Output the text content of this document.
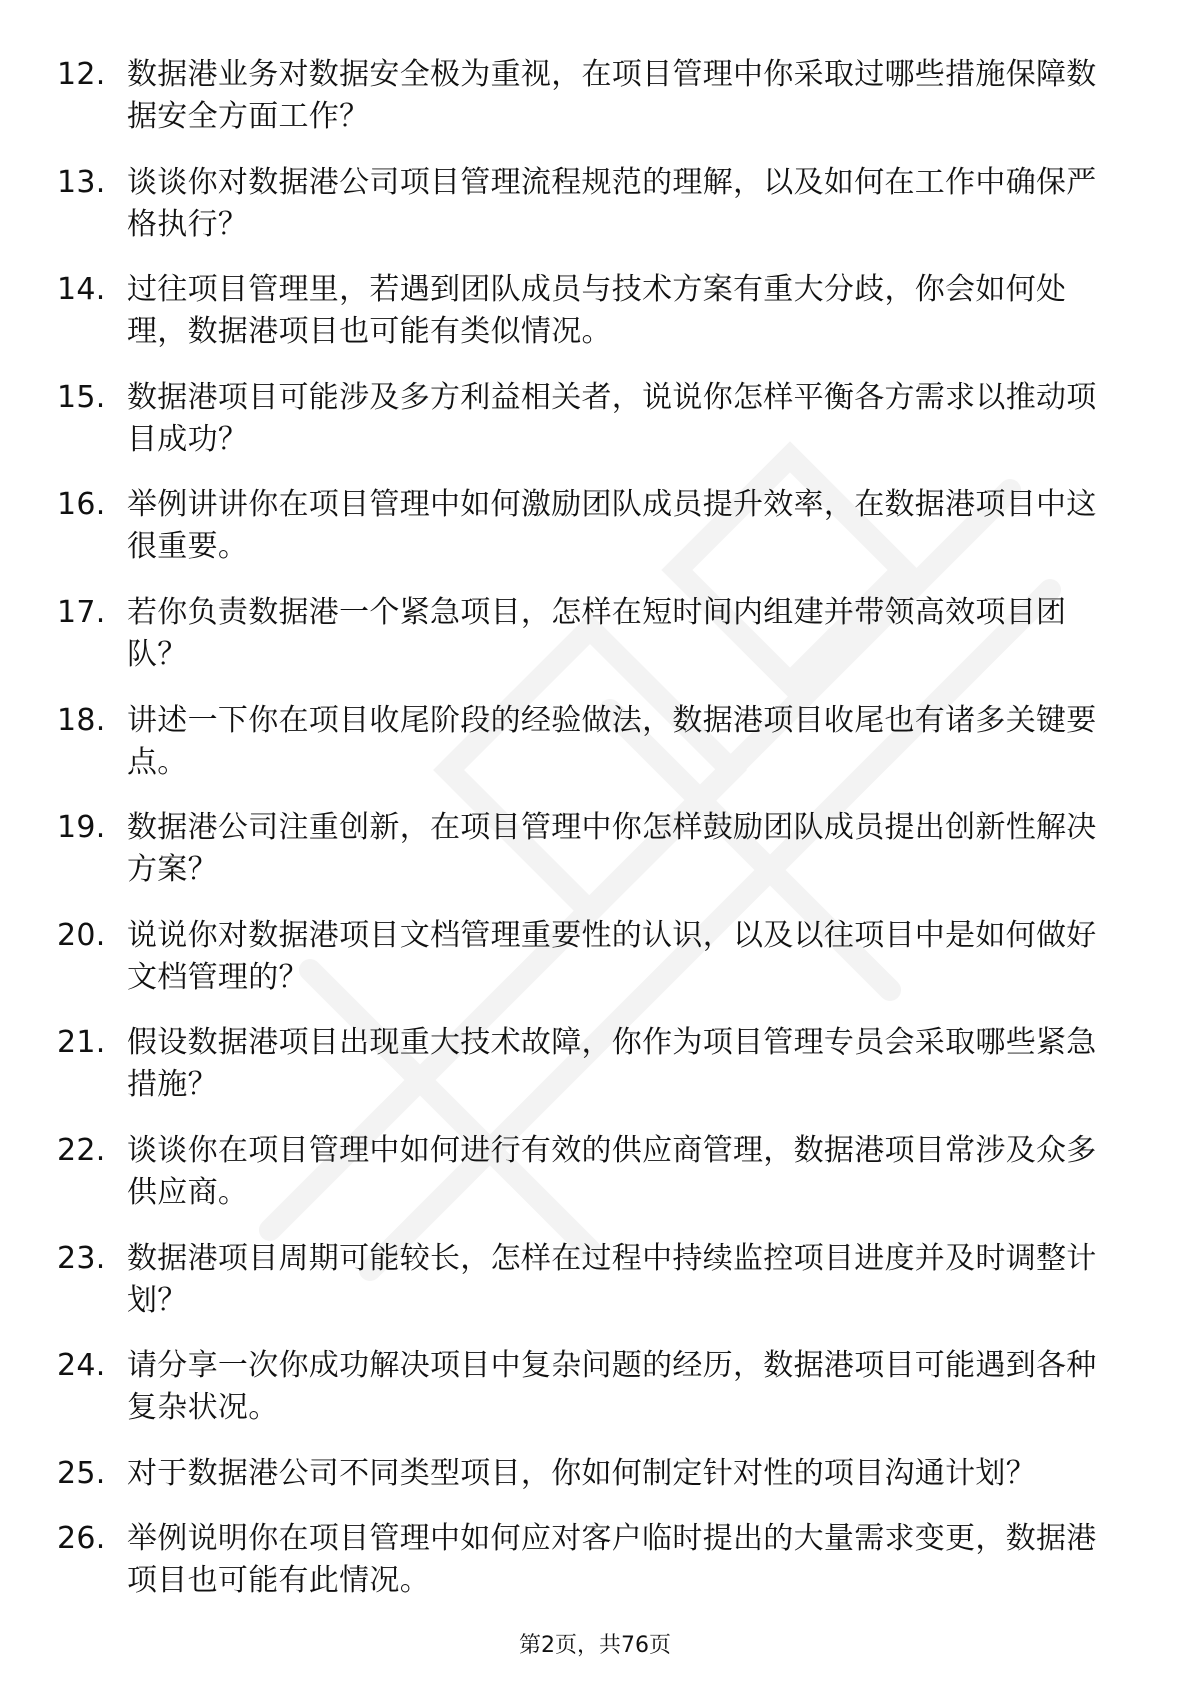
12. 数据港业务对数据安全极为重视，在项目管理中你采取过哪些措施保障数据安全方面工作？
13. 谈谈你对数据港公司项目管理流程规范的理解，以及如何在工作中确保严格执行？
14. 过往项目管理里，若遇到团队成员与技术方案有重大分歧，你会如何处理，数据港项目也可能有类似情况。
15. 数据港项目可能涉及多方利益相关者，说说你怎样平衡各方需求以推动项目成功？
16. 举例讲讲你在项目管理中如何激励团队成员提升效率，在数据港项目中这很重要。
17. 若你负责数据港一个紧急项目，怎样在短时间内组建并带领高效项目团队？
18. 讲述一下你在项目收尾阶段的经验做法，数据港项目收尾也有诸多关键要点。
19. 数据港公司注重创新，在项目管理中你怎样鼓励团队成员提出创新性解决方案？
20. 说说你对数据港项目文档管理重要性的认识，以及以往项目中是如何做好文档管理的？
21. 假设数据港项目出现重大技术故障，你作为项目管理专员会采取哪些紧急措施？
22. 谈谈你在项目管理中如何进行有效的供应商管理，数据港项目常涉及众多供应商。
23. 数据港项目周期可能较长，怎样在过程中持续监控项目进度并及时调整计划？
24. 请分享一次你成功解决项目中复杂问题的经历，数据港项目可能遇到各种复杂状况。
25. 对于数据港公司不同类型项目，你如何制定针对性的项目沟通计划？
26. 举例说明你在项目管理中如何应对客户临时提出的大量需求变更，数据港项目也可能有此情况。
第2页，共76页
